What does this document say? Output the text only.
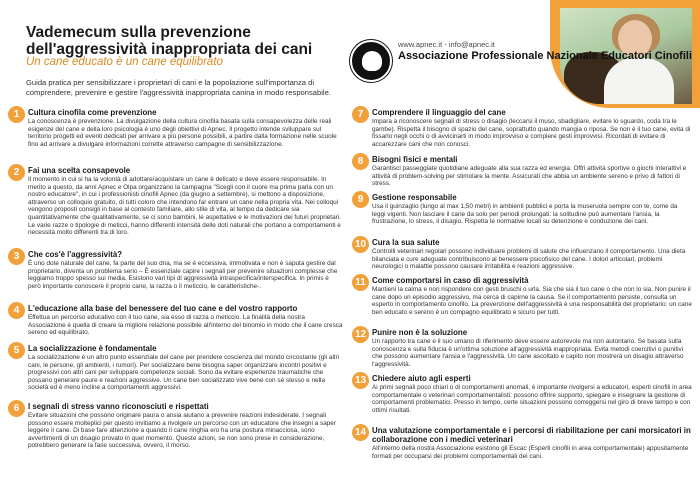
Vademecum sulla prevenzione dell'aggressività inappropriata dei cani
Un cane educato è un cane equilibrato
www.apnec.it - info@apnec.it
Associazione Professionale Nazionale Educatori Cinofili
Guida pratica per sensibilizzare i proprietari di cani e la popolazione sull'importanza di comprendere, prevenire e gestire l'aggressività inappropriata canina in modo responsabile.
1	Cultura cinofila come prevenzione

La conoscenza è prevenzione. La divulgazione della cultura cinofila basata sulla consapevolezza delle reali esigenze del cane e della loro psicologia è uno degli obiettivi di Apnec. Il progetto intende sviluppare sul territorio progetti ed eventi dedicati per arrivare a più persone possibili, a partire dalla formazione nelle scuole fino ad arrivare a divulgare informazioni corrette attraverso campagne di sensibilizzazione.

2	Fai una scelta consapevole

Il momento in cui si ha la volontà di adottare/acquistare un cane è delicato e deve essere responsabile. In merito a questo, da anni Apnec e Olpa organizzano la campagna "Scegli con il cuore ma prima parla con un nostro educatore", in cui i professionisti cinofili Apnec (da giugno a settembre), si mettono a disposizione, attraverso un colloquio gratuito, di tutti coloro che intendono far entrare un cane nella propria vita. Nei colloqui vengono proposti consigli in base al contesto familiare, allo stile di vita, al tempo da dedicare sia quantitativamente che qualitativamente, se ci sono bambini, le aspettative e le motivazioni dei futuri proprietari. Le varie razze o tipologie di meticci, hanno differenti intensità delle doti naturali che portano a comportamenti e necessità molto differenti tra di loro.

3	Che cos'è l'aggressività?

È uno dote naturale del cane, fa parte del suo dna, ma se è eccessiva, immotivata e non è saputa gestire dal proprietario, diventa un problema serio – È essenziale capire i segnali per prevenire situazioni complesse che leggiamo troppo spesso sui media. Esistono vari tipi di aggressività intraspecifica/interspecifica. In primis è però importante conoscere il proprio cane, la razza o il meticcio, le caratteristiche-.

4	L'educazione alla base del benessere del tuo cane e del vostro rapporto

Effettua un percorso educativo con il tuo cane, sia esso di razza o meticcio. La finalità della nostra Associazione è quella di creare la migliore relazione possibile all'interno del binomio in modo che il cane cresca sereno ed equilibrato.

5	La socializzazione è fondamentale

La socializzazione è un altro punto essenziale del cane per prendere coscienza del mondo circostante (gli altri cani, le persone, gli ambienti, i rumori). Per socializzare bene bisogna saper organizzare incontri positivi e progressivi con altri cani per sviluppare competenze sociali. Sono da evitare esperienze traumatiche che possano generare paure e reazioni aggressive. Un cane ben socializzato vive bene con sé stesso e nella società ed è meno incline a comportamenti aggressivi.

6	I segnali di stress vanno riconosciuti e rispettati

Evitare situazioni che possono originare paura o ansia aiutano a prevenire reazioni indesiderate. I segnali possono essere molteplici per questo invitiamo a rivolgere un percorso con un educatore che insegni a saper leggere il cane. Di base fare attenzione a quando il cane ringhia e/o ha una postura minacciosa, sono avvertimenti di un disagio provato in quel momento. Queste azioni, se non sono prese in considerazione, potrebbero generare la fase successiva, ovvero, il morso.

7	Comprendere il linguaggio del cane

Impara a riconoscere segnali di stress o disagio (leccarsi il muso, sbadigliare, evitare lo sguardo, coda tra le gambe). Rispetta il bisogno di spazio del cane, soprattutto quando mangia o riposa. Se non è il tuo cane, evita di fissarlo negli occhi o di avvicinarti in modo improvviso e compiere gesti improvvisi. Ricordati di evitare di accarezzare cani che non conosci.

8	Bisogni fisici e mentali

Garantisci passeggiate quotidiane adeguate alla sua razza ed energia. Offri attività sportive o giochi interattivi e attività di problem-solving per stimolare la mente. Assicurati che abbia un ambiente sereno e privo di fattori di stress.

9	Gestione responsabile

Usa il guinzaglio (lungo al max 1,50 metri) in ambienti pubblici e porta la museruola sempre con te, come da leggi vigenti. Non lasciare il cane da solo per periodi prolungati: la solitudine può aumentare l'ansia, la frustrazione, lo stress, il disagio. Rispetta le normative locali su detenzione e conduzione dei cani.

10 Cura la sua salute

Controlli veterinari regolari possono individuare problemi di salute che influenzano il comportamento. Una dieta bilanciata e cure adeguate contribuiscono al benessere psicofisico del cane. I dolori articolari, problemi neurologici o malattie possono causare irritabilità e reazioni aggressive.

11 Come comportarsi in caso di aggressività

Mantieni la calma e non rispondere con gesti bruschi o urla. Sia che sia il tuo cane o che non lo sia. Non punire il cane dopo un episodio aggressivo, ma cerca di capirne la causa. Se il comportamento persiste, consulta un esperto in comportamento cinofilo. La prevenzione dell'aggressività è una responsabilità del proprietario: un cane ben educato e sereno è un compagno equilibrato e sicuro per tutti.

12 Punire non è la soluzione

Un rapporto tra cane e il suo umano di riferimento deve essere autorevole ma non autoritario. Se basata sulla conoscenza e sulla fiducia è un'ottima soluzione all'aggressività inappropriata. Evita metodi coercitivi o punitivi che possono aumentare l'ansia e l'aggressività. Un cane ascoltato e capito non mostrerà un disagio attraverso l'aggressività.

13 Chiedere aiuto agli esperti

Ai primi segnali poco chiari o di comportamenti anomali, è importante rivolgersi a educatori, esperti cinofili in area comportamentale o veterinari comportamentalisti: possono offrire supporto, spiegare e insegnare la gestione di comportamenti problematici. Presso in tempo, certe situazioni possono correggersi nel giro di breve tempo e con ottimi risultati.

14 Una valutazione comportamentale e i percorsi di riabilitazione per cani morsicatori in collaborazione con i medici veterinari

All'interno della nostra Associazione esistono gli Escac (Esperti cinofili in area comportamentale) appositamente formati per occuparsi dei problemi comportamentali dei cani.
